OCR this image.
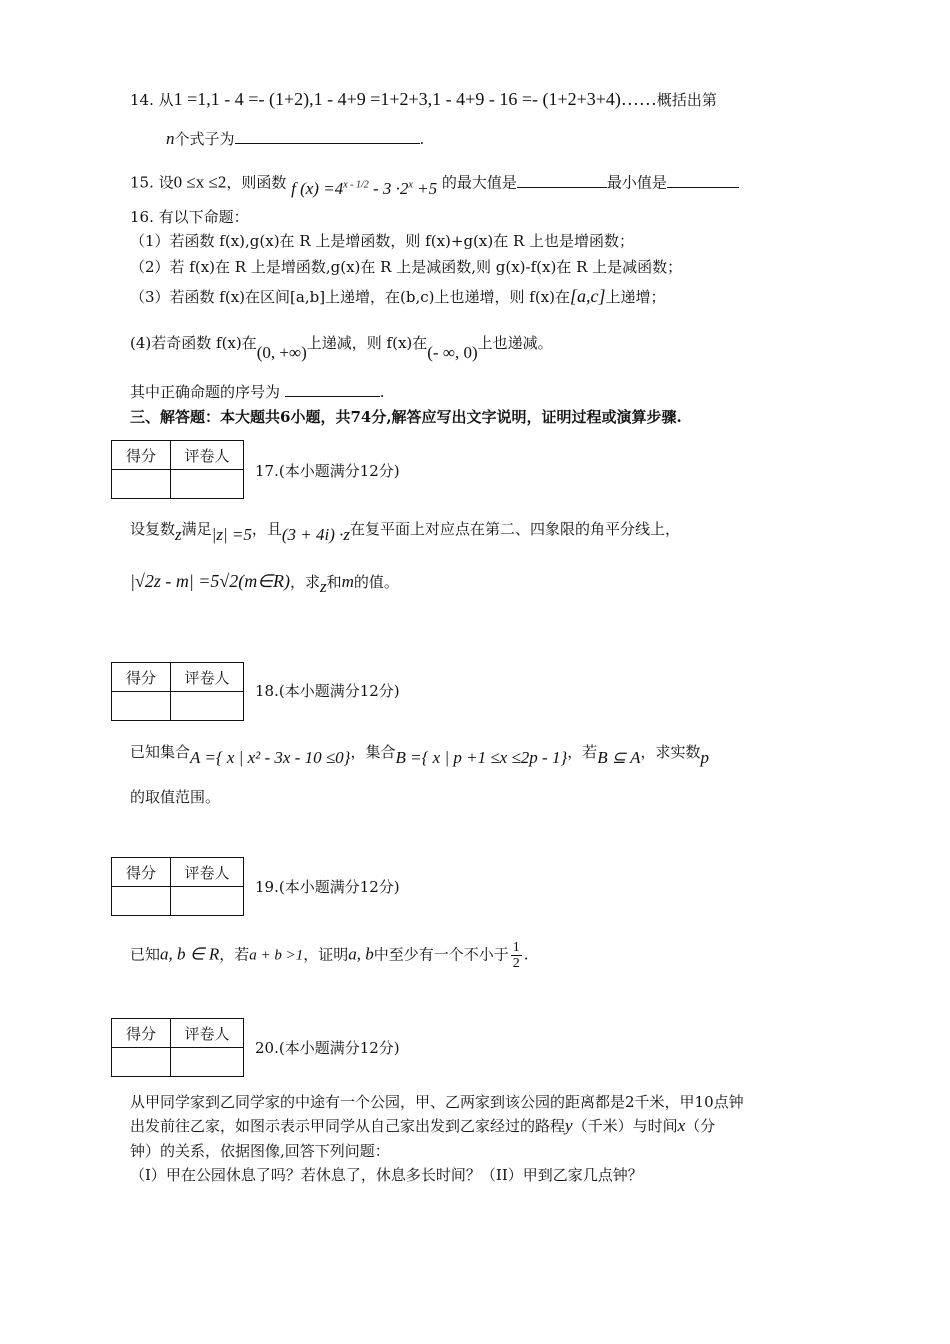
14. 从1 =1,1 - 4 =- (1+2),1 - 4+9 =1+2+3,1 - 4+9 - 16 =- (1+2+3+4)……概括出第
n个式子为	.
15. 设0 ≤x ≤2，则函数 f $(x) =4^{x - 1/2} - 3 \cdot 2^x +5$ 的最大值是	最小值是
16. 有以下命题：
（1）若函数 f(x),g(x)在 R 上是增函数，则 f(x)+g(x)在 R 上也是增函数；
（2）若 f(x)在 R 上是增函数,g(x)在 R 上是减函数,则 g(x)-f(x)在 R 上是减函数；
（3）若函数 f(x)在区间[a,b]上递增，在(b,c)上也递增，则 f(x)在[a,c]上递增；
(4)若奇函数 f(x)在(0, +∞)上递减，则 f(x)在(- ∞, 0)上也递减。
其中正确命题的序号为	.
三、解答题：本大题共6小题，共74分,解答应写出文字说明，证明过程或演算步骤.
得分	评卷人

17.(本小题满分12分)
设复数z满足|z| =5，且(3 + 4i) ·z在复平面上对应点在第二、四象限的角平分线上，
|√2z - m| =5√2(m∈R)，求z和m的值。
得分	评卷人

18.(本小题满分12分)
已知集合A ={ x | x² - 3x - 10 ≤0}，集合B ={ x | p +1 ≤x ≤2p - 1}，若B ⊆ A，求实数p
的取值范围。
得分	评卷人

19.(本小题满分12分)
已知a, b ∈ R，若a + b >1，证明a, b中至少有一个不小于 $\frac{1}{2}$ .
得分	评卷人

20.(本小题满分12分)
从甲同学家到乙同学家的中途有一个公园，甲、乙两家到该公园的距离都是2千米，甲10点钟
出发前往乙家，如图示表示甲同学从自己家出发到乙家经过的路程y（千米）与时间x（分
钟）的关系，依据图像,回答下列问题：
（I）甲在公园休息了吗？若休息了，休息多长时间？（II）甲到乙家几点钟？
